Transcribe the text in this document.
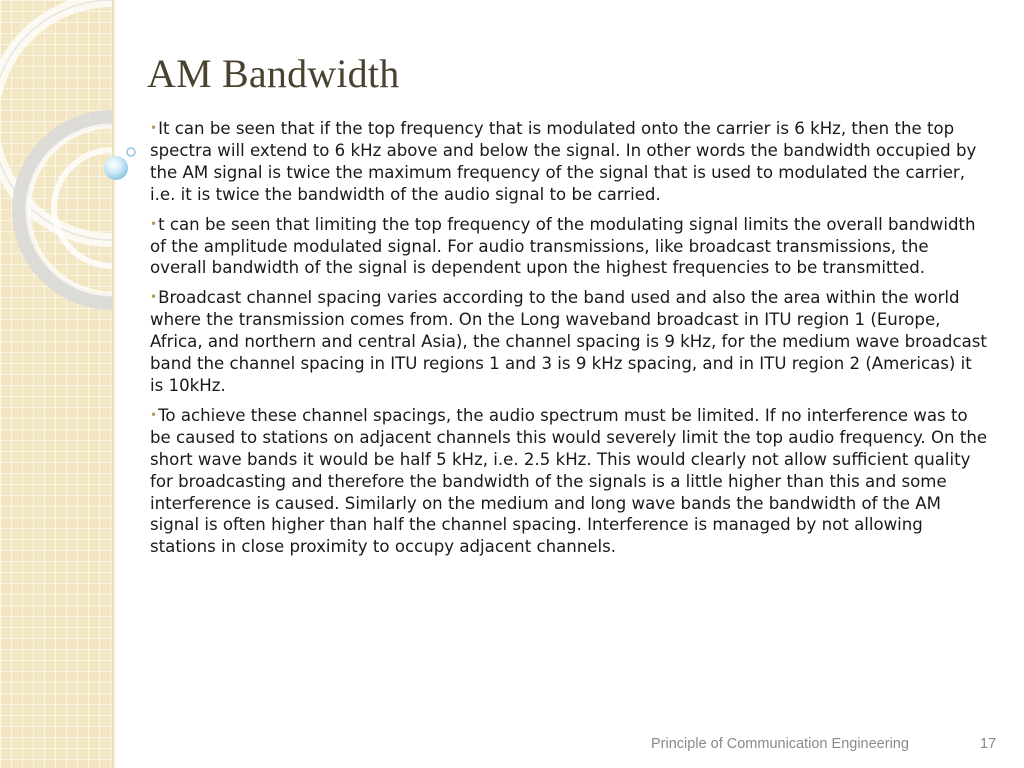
AM Bandwidth

•It can be seen that if the top frequency that is modulated onto the carrier is 6 kHz, then the top spectra will extend to 6 kHz above and below the signal. In other words the bandwidth occupied by the AM signal is twice the maximum frequency of the signal that is used to modulated the carrier, i.e. it is twice the bandwidth of the audio signal to be carried.

•t can be seen that limiting the top frequency of the modulating signal limits the overall bandwidth of the amplitude modulated signal. For audio transmissions, like broadcast transmissions, the overall bandwidth of the signal is dependent upon the highest frequencies to be transmitted.

•Broadcast channel spacing varies according to the band used and also the area within the world where the transmission comes from. On the Long waveband broadcast in ITU region 1 (Europe, Africa, and northern and central Asia), the channel spacing is 9 kHz, for the medium wave broadcast band the channel spacing in ITU regions 1 and 3 is 9 kHz spacing, and in ITU region 2 (Americas) it is 10kHz.

•To achieve these channel spacings, the audio spectrum must be limited. If no interference was to be caused to stations on adjacent channels this would severely limit the top audio frequency. On the short wave bands it would be half 5 kHz, i.e. 2.5 kHz. This would clearly not allow sufficient quality for broadcasting and therefore the bandwidth of the signals is a little higher than this and some interference is caused. Similarly on the medium and long wave bands the bandwidth of the AM signal is often higher than half the channel spacing. Interference is managed by not allowing stations in close proximity to occupy adjacent channels.

Principle of Communication Engineering	17
